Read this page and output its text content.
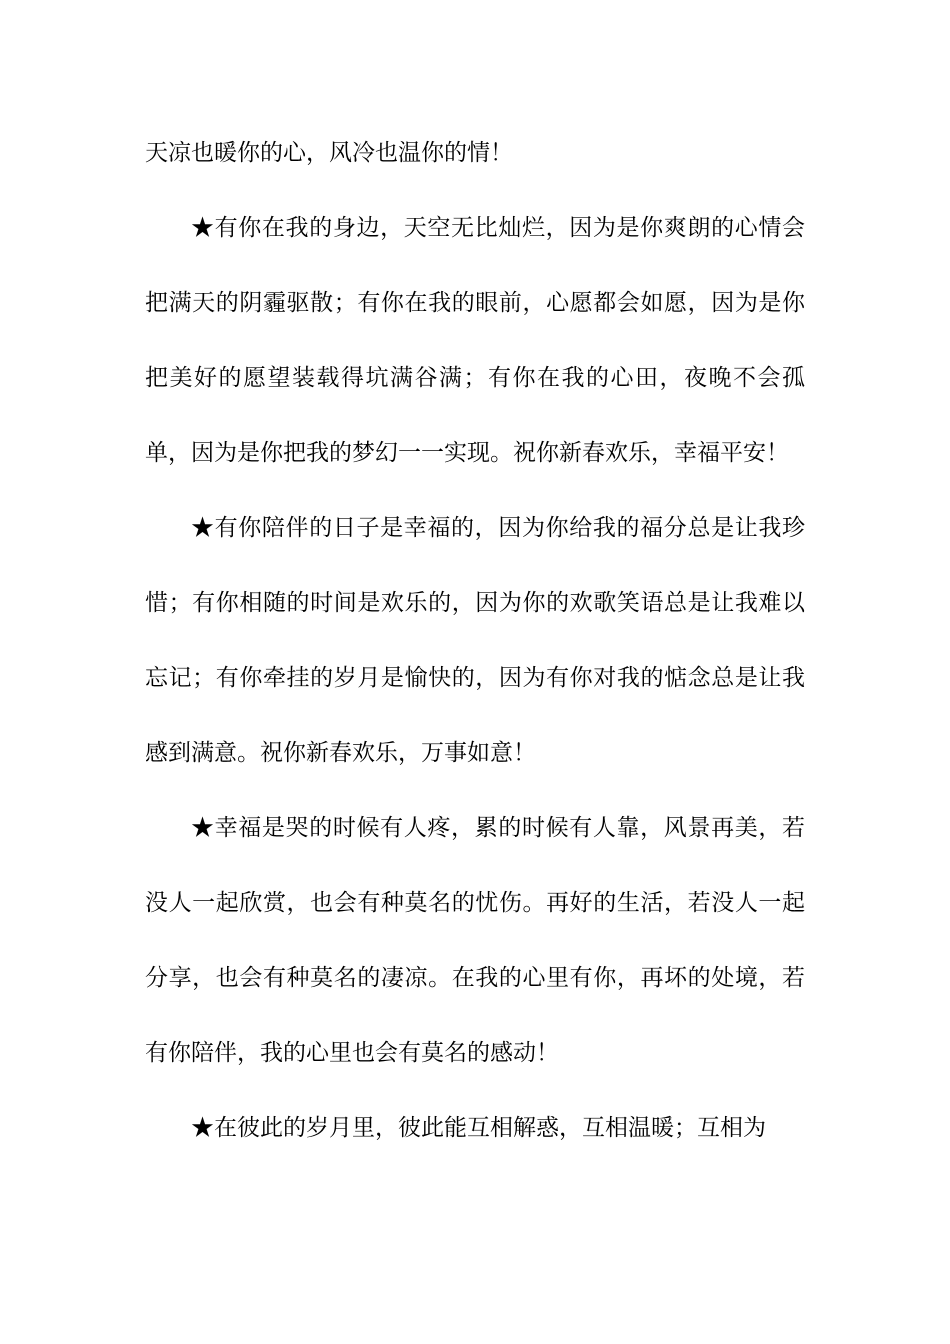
天凉也暖你的心，风冷也温你的情！

★有你在我的身边，天空无比灿烂，因为是你爽朗的心情会把满天的阴霾驱散；有你在我的眼前，心愿都会如愿，因为是你把美好的愿望装载得坑满谷满；有你在我的心田，夜晚不会孤单，因为是你把我的梦幻一一实现。祝你新春欢乐，幸福平安！

★有你陪伴的日子是幸福的，因为你给我的福分总是让我珍惜；有你相随的时间是欢乐的，因为你的欢歌笑语总是让我难以忘记；有你牵挂的岁月是愉快的，因为有你对我的惦念总是让我感到满意。祝你新春欢乐，万事如意！

★幸福是哭的时候有人疼，累的时候有人靠，风景再美，若没人一起欣赏，也会有种莫名的忧伤。再好的生活，若没人一起分享，也会有种莫名的凄凉。在我的心里有你，再坏的处境，若有你陪伴，我的心里也会有莫名的感动！

★在彼此的岁月里，彼此能互相解惑，互相温暖；互相为
